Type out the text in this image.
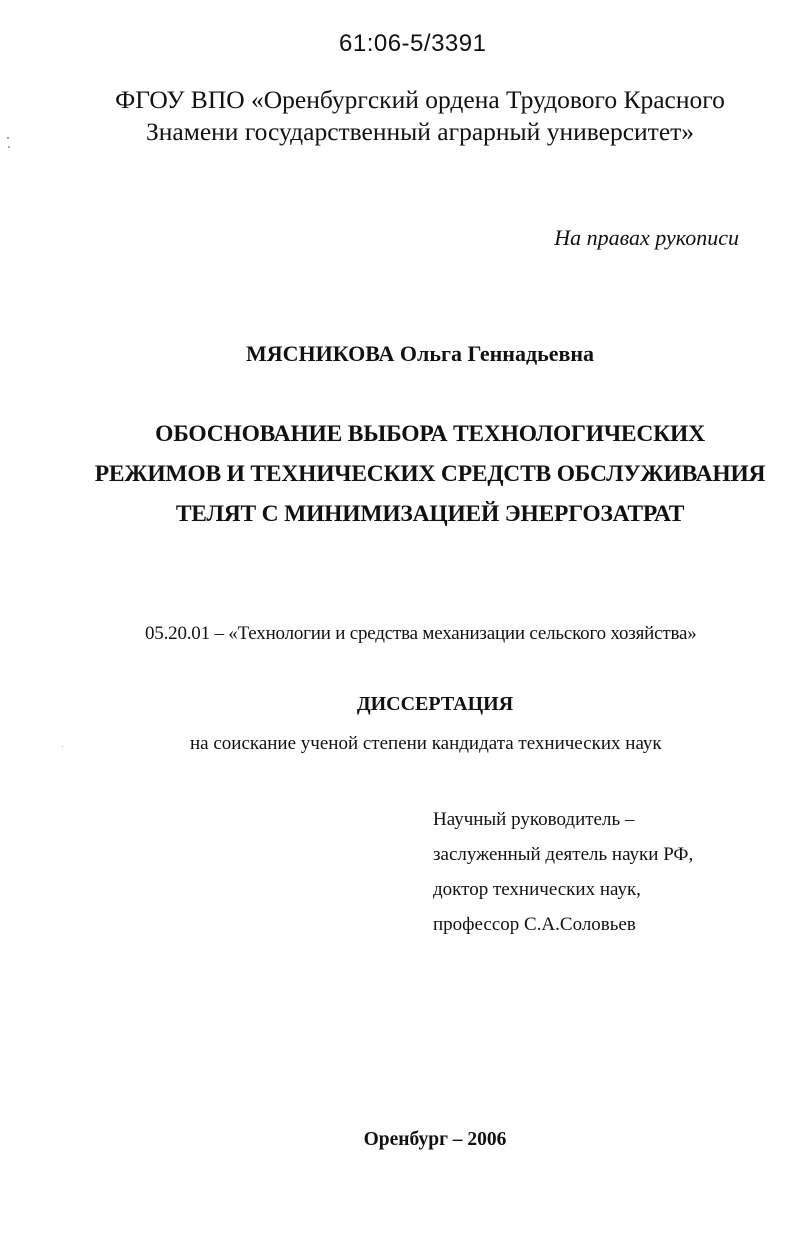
61:06-5/3391
ФГОУ ВПО «Оренбургский ордена Трудового Красного
Знамени государственный аграрный университет»
На правах рукописи
МЯСНИКОВА Ольга Геннадьевна
ОБОСНОВАНИЕ ВЫБОРА ТЕХНОЛОГИЧЕСКИХ
РЕЖИМОВ И ТЕХНИЧЕСКИХ СРЕДСТВ ОБСЛУЖИВАНИЯ
ТЕЛЯТ С МИНИМИЗАЦИЕЙ ЭНЕРГОЗАТРАТ
05.20.01 – «Технологии и средства механизации сельского хозяйства»
ДИССЕРТАЦИЯ
на соискание ученой степени кандидата технических наук
Научный руководитель –
заслуженный деятель науки РФ,
доктор технических наук,
профессор С.А.Соловьев
Оренбург – 2006
